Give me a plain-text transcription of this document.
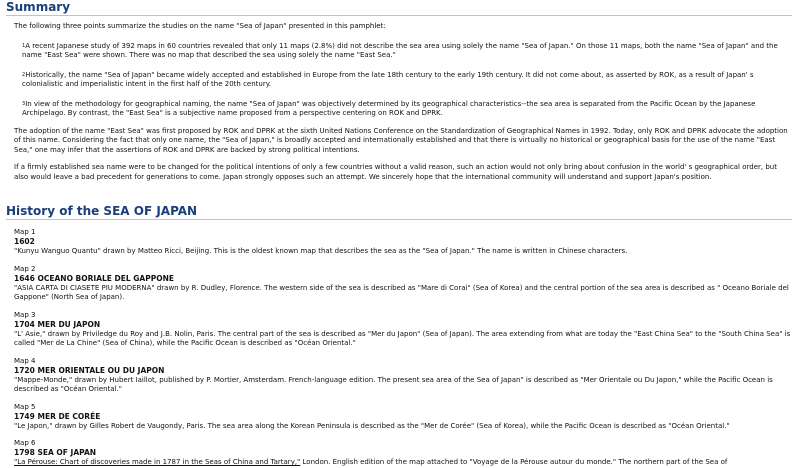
Summary

The following three points summarize the studies on the name "Sea of Japan" presented in this pamphlet:

$^1$A recent Japanese study of 392 maps in 60 countries revealed that only 11 maps (2.8%) did not describe the sea area using solely the name "Sea of Japan." On those 11 maps, both the name "Sea of Japan" and the name "East Sea" were shown. There was no map that described the sea using solely the name "East Sea."

$^2$Historically, the name "Sea of Japan" became widely accepted and established in Europe from the late 18th century to the early 19th century. It did not come about, as asserted by ROK, as a result of Japan' s colonialistic and imperialistic intent in the first half of the 20th century.

$^3$In view of the methodology for geographical naming, the name "Sea of Japan" was objectively determined by its geographical characteristics--the sea area is separated from the Pacific Ocean by the Japanese Archipelago. By contrast, the "East Sea" is a subjective name proposed from a perspective centering on ROK and DPRK.

The adoption of the name "East Sea" was first proposed by ROK and DPRK at the sixth United Nations Conference on the Standardization of Geographical Names in 1992. Today, only ROK and DPRK advocate the adoption of this name. Considering the fact that only one name, the "Sea of Japan," is broadly accepted and internationally established and that there is virtually no historical or geographical basis for the use of the name "East Sea," one may infer that the assertions of ROK and DPRK are backed by strong political intentions.

If a firmly established sea name were to be changed for the political intentions of only a few countries without a valid reason, such an action would not only bring about confusion in the world' s geographical order, but also would leave a bad precedent for generations to come. Japan strongly opposes such an attempt. We sincerely hope that the international community will understand and support Japan's position.

History of the SEA OF JAPAN

Map 1

1602

"Kunyu Wanguo Quantu" drawn by Matteo Ricci, Beijing. This is the oldest known map that describes the sea as the "Sea of Japan." The name is written in Chinese characters.

Map 2

1646 OCEANO BORIALE DEL GAPPONE

"ASIA CARTA DI CIASETE PIU MODERNA" drawn by R. Dudley, Florence. The western side of the sea is described as "Mare di Corai" (Sea of Korea) and the central portion of the sea area is described as " Oceano Boriale del Gappone" (North Sea of Japan).

Map 3

1704 MER DU JAPON

"L' Asie," drawn by Priviledge du Roy and J.B. Nolin, Paris. The central part of the sea is described as "Mer du Japon" (Sea of Japan). The area extending from what are today the "East China Sea" to the "South China Sea" is called "Mer de La Chine" (Sea of China), while the Pacific Ocean is described as "Océan Oriental."

Map 4

1720 MER ORIENTALE OU DU JAPON

"Mappe-Monde," drawn by Hubert Iaillot, published by P. Mortier, Amsterdam. French-language edition. The present sea area of the Sea of Japan" is described as "Mer Orientale ou Du Japon," while the Pacific Ocean is described as "Océan Oriental."

Map 5

1749 MER DE CORÉE

"Le Japon," drawn by Gilles Robert de Vaugondy, Paris. The sea area along the Korean Peninsula is described as the "Mer de Corée" (Sea of Korea), while the Pacific Ocean is described as "Océan Oriental."

Map 6

1798 SEA OF JAPAN

"La Pérouse: Chart of discoveries made in 1787 in the Seas of China and Tartary," London. English edition of the map attached to "Voyage de la Pérouse autour du monde." The northern part of the Sea of
